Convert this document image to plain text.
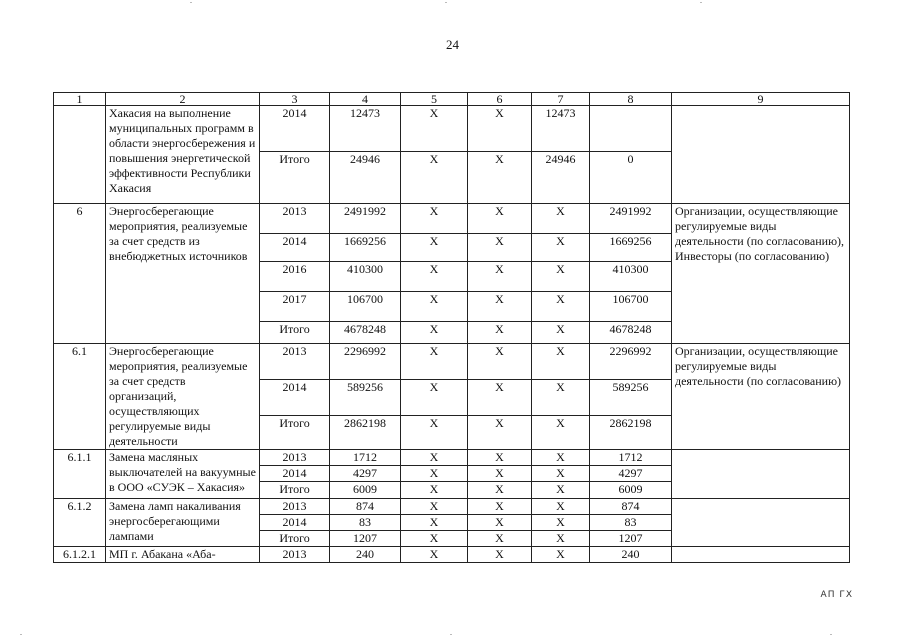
24
1	2	3	4	5	6	7	8	9
	Хакасия на выполнение муниципальных программ в области энергосбережения и повышения энергетической эффективности Республики Хакасия	2014	12473	X	X	12473		
		Итого	24946	X	X	24946	0	
6	Энергосберегающие мероприятия, реализуемые за счет средств из внебюджетных источников	2013	2491992	X	X	X	2491992	Организации, осуществляющие регулируемые виды деятельности (по согласованию), Инвесторы (по согласованию)
		2014	1669256	X	X	X	1669256	
		2016	410300	X	X	X	410300	
		2017	106700	X	X	X	106700	
		Итого	4678248	X	X	X	4678248	
6.1	Энергосберегающие мероприятия, реализуемые за счет средств организаций, осуществляющих регулируемые виды деятельности	2013	2296992	X	X	X	2296992	Организации, осуществляющие регулируемые виды деятельности (по согласованию)
		2014	589256	X	X	X	589256	
		Итого	2862198	X	X	X	2862198	
6.1.1	Замена масляных выключателей на вакуумные в ООО «СУЭК – Хакасия»	2013	1712	X	X	X	1712	
		2014	4297	X	X	X	4297	
		Итого	6009	X	X	X	6009	
6.1.2	Замена ламп накаливания энергосберегающими лампами	2013	874	X	X	X	874	
		2014	83	X	X	X	83	
		Итого	1207	X	X	X	1207	
6.1.2.1	МП г. Абакана «Аба-	2013	240	X	X	X	240	
АП ГХ
